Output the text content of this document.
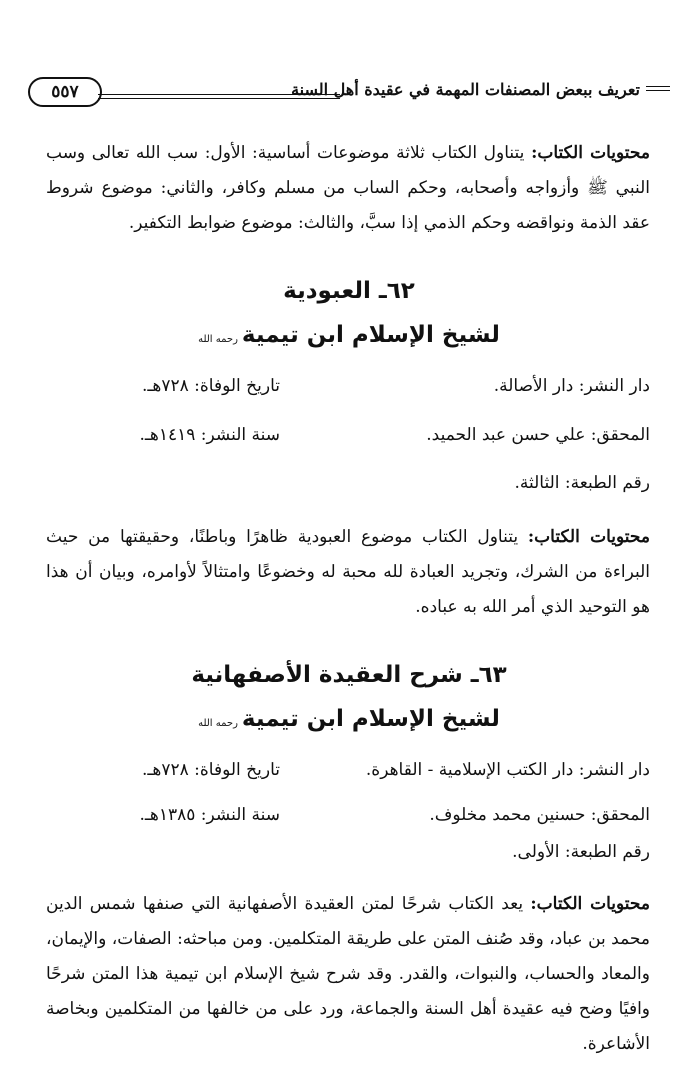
تعريف ببعض المصنفات المهمة في عقيدة أهل السنة
٥٥٧
محتويات الكتاب: يتناول الكتاب ثلاثة موضوعات أساسية: الأول: سب الله تعالى وسب النبي ﷺ وأزواجه وأصحابه، وحكم الساب من مسلم وكافر، والثاني: موضوع شروط عقد الذمة ونواقضه وحكم الذمي إذا سبَّ، والثالث: موضوع ضوابط التكفير.
٦٢ـ العبودية
لشيخ الإسلام ابن تيميةرحمه الله
دار النشر: دار الأصالة.
تاريخ الوفاة: ٧٢٨هـ.
المحقق: علي حسن عبد الحميد.
سنة النشر: ١٤١٩هـ.
رقم الطبعة: الثالثة.
محتويات الكتاب: يتناول الكتاب موضوع العبودية ظاهرًا وباطنًا، وحقيقتها من حيث البراءة من الشرك، وتجريد العبادة لله محبة له وخضوعًا وامتثالاً لأوامره، وبيان أن هذا هو التوحيد الذي أمر الله به عباده.
٦٣ـ شرح العقيدة الأصفهانية
لشيخ الإسلام ابن تيميةرحمه الله
دار النشر: دار الكتب الإسلامية - القاهرة.
تاريخ الوفاة: ٧٢٨هـ.
المحقق: حسنين محمد مخلوف.
سنة النشر: ١٣٨٥هـ.
رقم الطبعة: الأولى.
محتويات الكتاب: يعد الكتاب شرحًا لمتن العقيدة الأصفهانية التي صنفها شمس الدين محمد بن عباد، وقد صُنف المتن على طريقة المتكلمين. ومن مباحثه: الصفات، والإيمان، والمعاد والحساب، والنبوات، والقدر. وقد شرح شيخ الإسلام ابن تيمية هذا المتن شرحًا وافيًا وضح فيه عقيدة أهل السنة والجماعة، ورد على من خالفها من المتكلمين وبخاصة الأشاعرة.
